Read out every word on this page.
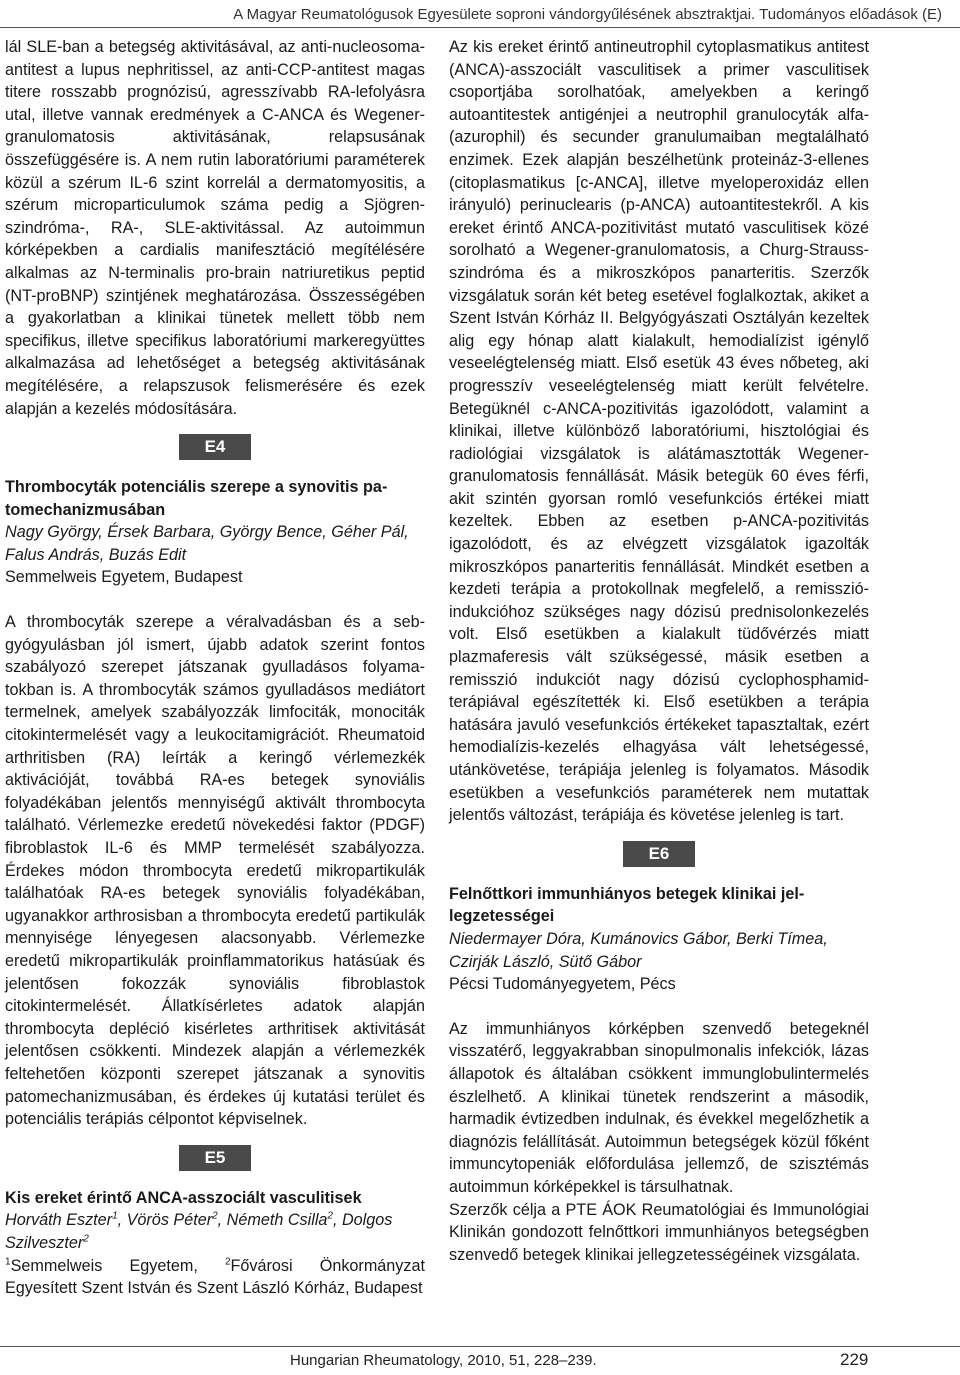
A Magyar Reumatológusok Egyesülete soproni vándorgyűlésének absztraktjai. Tudományos előadások (E)

lál SLE-ban a betegség aktivitásával, az anti-nucleosoma-antitest a lupus nephritissel, az anti-CCP-antitest magas titere rosszabb prognózisú, agresszívabb RA-lefolyásra utal, illetve vannak eredmények a C-ANCA és Wegener-granulomatosis aktivitásának, relapsusának összefüggésére is. A nem rutin laboratóriumi paraméterek közül a szérum IL-6 szint korrelál a dermatomyositis, a szérum microparticulumok száma pedig a Sjögren-szindróma-, RA-, SLE-aktivitással. Az autoimmun kórképekben a cardialis manifesztáció megítélésére alkalmas az N-terminalis pro-brain natriuretikus peptid (NT-proBNP) szintjének meghatározása. Összességében a gyakorlatban a klinikai tünetek mellett több nem specifikus, illetve specifikus laboratóriumi markeregyüttes alkalmazása ad lehetőséget a betegség aktivitásának megítélésére, a relapszusok felismerésére és ezek alapján a kezelés módosítására.

E4

Thrombocyták potenciális szerepe a synovitis patomechanizmusában

Nagy György, Érsek Barbara, György Bence, Géher Pál, Falus András, Buzás Edit

Semmelweis Egyetem, Budapest

A thrombocyták szerepe a véralvadásban és a sebgyógyulásban jól ismert, újabb adatok szerint fontos szabályozó szerepet játszanak gyulladásos folyamatokban is. A thrombocyták számos gyulladásos mediátort termelnek, amelyek szabályozzák limfociták, monociták citokintermelését vagy a leukocitamigrációt. Rheumatoid arthritisben (RA) leírták a keringő vérlemezkék aktivációját, továbbá RA-es betegek synoviális folyadékában jelentős mennyiségű aktivált thrombocyta található. Vérlemezke eredetű növekedési faktor (PDGF) fibroblastok IL-6 és MMP termelését szabályozza. Érdekes módon thrombocyta eredetű mikropartikulák találhatóak RA-es betegek synoviális folyadékában, ugyanakkor arthrosisban a thrombocyta eredetű partikulák mennyisége lényegesen alacsonyabb. Vérlemezke eredetű mikropartikulák proinflammatorikus hatásúak és jelentősen fokozzák synoviális fibroblastok citokintermelését. Állatkísérletes adatok alapján thrombocyta depléció kisérletes arthritisek aktivitását jelentősen csökkenti. Mindezek alapján a vérlemezkék feltehetően központi szerepet játszanak a synovitis patomechanizmusában, és érdekes új kutatási terület és potenciális terápiás célpontot képviselnek.

E5

Kis ereket érintő ANCA-asszociált vasculitisek

Horváth Eszter$^1$, Vörös Péter$^2$, Németh Csilla$^2$, Dolgos Szilveszter$^2$

$^1$Semmelweis Egyetem, $^2$Fővárosi Önkormányzat Egyesített Szent István és Szent László Kórház, Budapest

Az kis ereket érintő antineutrophil cytoplasmatikus antitest (ANCA)-asszociált vasculitisek a primer vasculitisek csoportjába sorolhatóak, amelyekben a keringő autoantitestek antigénjei a neutrophil granulocyták alfa-(azurophil) és secunder granulumaiban megtalálható enzimek. Ezek alapján beszélhetünk proteináz-3-ellenes (citoplasmatikus [c-ANCA], illetve myeloperoxidáz ellen irányuló) perinuclearis (p-ANCA) autoantitestekről. A kis ereket érintő ANCA-pozitivitást mutató vasculitisek közé sorolható a Wegener-granulomatosis, a Churg-Strauss-szindróma és a mikroszkópos panarteritis. Szerzők vizsgálatuk során két beteg esetével foglalkoztak, akiket a Szent István Kórház II. Belgyógyászati Osztályán kezeltek alig egy hónap alatt kialakult, hemodialízist igénylő veseelégtelenség miatt. Első esetük 43 éves nőbeteg, aki progresszív veseelégtelenség miatt került felvételre. Betegüknél c-ANCA-pozitivitás igazolódott, valamint a klinikai, illetve különböző laboratóriumi, hisztológiai és radiológiai vizsgálatok is alátámasztották Wegener-granulomatosis fennállását. Másik betegük 60 éves férfi, akit szintén gyorsan romló vesefunkciós értékei miatt kezeltek. Ebben az esetben p-ANCA-pozitivitás igazolódott, és az elvégzett vizsgálatok igazolták mikroszkópos panarteritis fennállását. Mindkét esetben a kezdeti terápia a protokollnak megfelelő, a remisszió-indukcióhoz szükséges nagy dózisú prednisolonkezelés volt. Első esetükben a kialakult tüdővérzés miatt plazmaferesis vált szükségessé, másik esetben a remisszió indukciót nagy dózisú cyclophosphamid-terápiával egészítették ki. Első esetükben a terápia hatására javuló vesefunkciós értékeket tapasztaltak, ezért hemodialízis-kezelés elhagyása vált lehetségessé, utánkövetése, terápiája jelenleg is folyamatos. Második esetükben a vesefunkciós paraméterek nem mutattak jelentős változást, terápiája és követése jelenleg is tart.

E6

Felnőttkori immunhiányos betegek klinikai jellegzetességei

Niedermayer Dóra, Kumánovics Gábor, Berki Tímea, Czirják László, Sütő Gábor

Pécsi Tudományegyetem, Pécs

Az immunhiányos kórképben szenvedő betegeknél visszatérő, leggyakrabban sinopulmonalis infekciók, lázas állapotok és általában csökkent immunglobulintermelés észlelhető. A klinikai tünetek rendszerint a második, harmadik évtizedben indulnak, és évekkel megelőzhetik a diagnózis felállítását. Autoimmun betegségek közül főként immuncytopeniák előfordulása jellemző, de szisztémás autoimmun kórképekkel is társulhatnak.

Szerzők célja a PTE ÁOK Reumatológiai és Immunológiai Klinikán gondozott felnőttkori immunhiányos betegségben szenvedő betegek klinikai jellegzetességéinek vizsgálata.

Hungarian Rheumatology, 2010, 51, 228–239.	229
